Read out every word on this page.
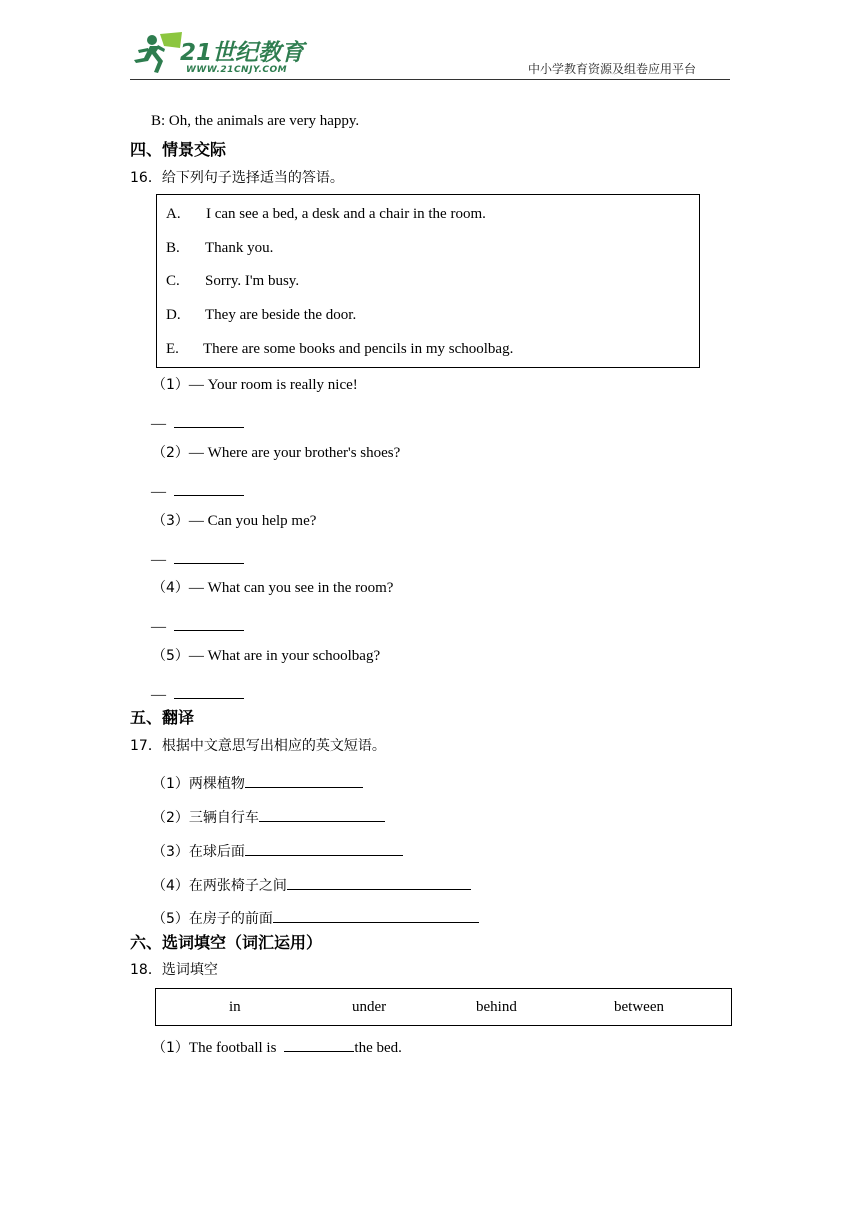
21世纪教育
WWW.21CNJY.COM	中小学教育资源及组卷应用平台
B: Oh, the animals are very happy.
四、情景交际
16．给下列句子选择适当的答语。
A. I can see a bed, a desk and a chair in the room.
B. Thank you.
C. Sorry. I'm busy.
D. They are beside the door.
E. There are some books and pencils in my schoolbag.
（1）— Your room is really nice!
—
（2）— Where are your brother's shoes?
—
（3）— Can you help me?
—
（4）— What can you see in the room?
—
（5）— What are in your schoolbag?
—
五、翻译
17．根据中文意思写出相应的英文短语。
（1）两棵植物
（2）三辆自行车
（3）在球后面
（4）在两张椅子之间
（5）在房子的前面
六、选词填空（词汇运用）
18．选词填空
in	under	behind	between
（1）The football is	the bed.
